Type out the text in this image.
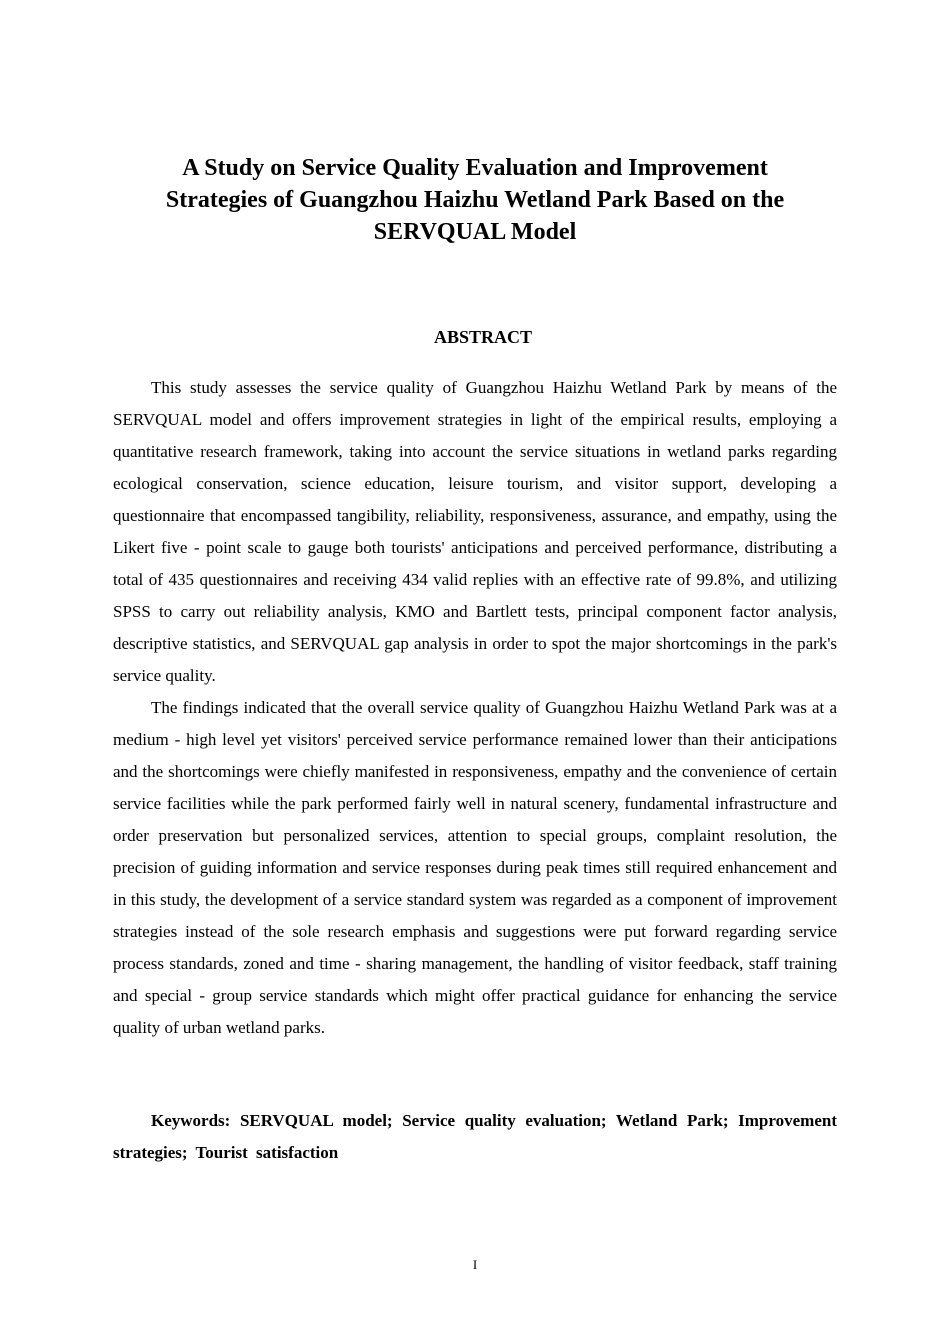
A Study on Service Quality Evaluation and Improvement Strategies of Guangzhou Haizhu Wetland Park Based on the SERVQUAL Model
ABSTRACT

This study assesses the service quality of Guangzhou Haizhu Wetland Park by means of the SERVQUAL model and offers improvement strategies in light of the empirical results, employing a quantitative research framework, taking into account the service situations in wetland parks regarding ecological conservation, science education, leisure tourism, and visitor support, developing a questionnaire that encompassed tangibility, reliability, responsiveness, assurance, and empathy, using the Likert five - point scale to gauge both tourists' anticipations and perceived performance, distributing a total of 435 questionnaires and receiving 434 valid replies with an effective rate of 99.8%, and utilizing SPSS to carry out reliability analysis, KMO and Bartlett tests, principal component factor analysis, descriptive statistics, and SERVQUAL gap analysis in order to spot the major shortcomings in the park's service quality.

The findings indicated that the overall service quality of Guangzhou Haizhu Wetland Park was at a medium - high level yet visitors' perceived service performance remained lower than their anticipations and the shortcomings were chiefly manifested in responsiveness, empathy and the convenience of certain service facilities while the park performed fairly well in natural scenery, fundamental infrastructure and order preservation but personalized services, attention to special groups, complaint resolution, the precision of guiding information and service responses during peak times still required enhancement and in this study, the development of a service standard system was regarded as a component of improvement strategies instead of the sole research emphasis and suggestions were put forward regarding service process standards, zoned and time - sharing management, the handling of visitor feedback, staff training and special - group service standards which might offer practical guidance for enhancing the service quality of urban wetland parks.

Keywords: SERVQUAL model; Service quality evaluation; Wetland Park; Improvement strategies; Tourist satisfaction

I
